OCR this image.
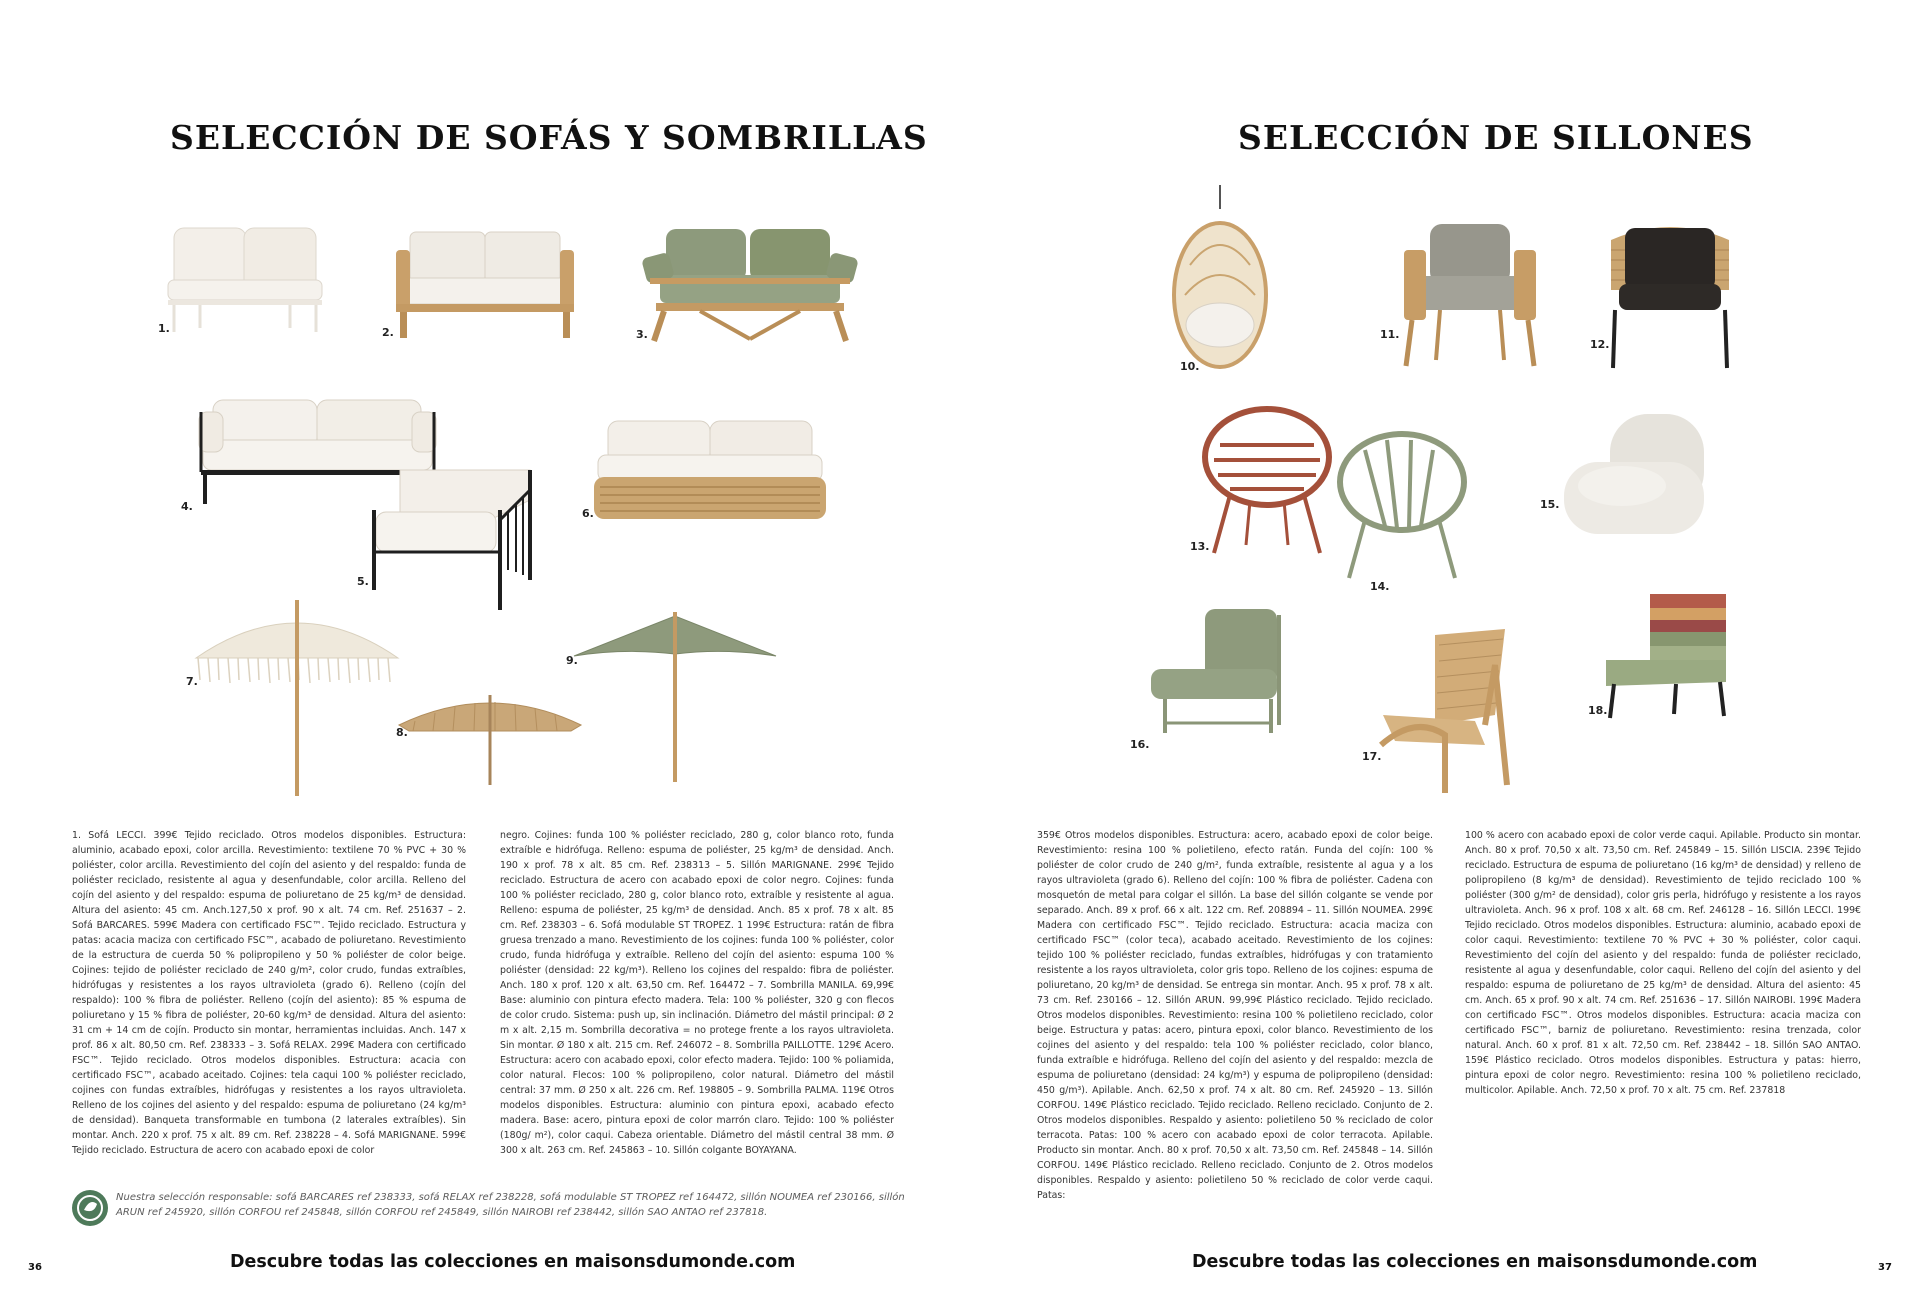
SELECCIÓN DE SOFÁS Y SOMBRILLAS
1.	2.	3.
4.
5.
6.
7.
8.
9.
1. Sofá LECCI. 399€ Tejido reciclado. Otros modelos disponibles. Estructura: aluminio, acabado epoxi, color arcilla. Revestimiento: textilene 70 % PVC + 30 % poliéster, color arcilla. Revestimiento del cojín del asiento y del respaldo: funda de poliéster reciclado, resistente al agua y desenfundable, color arcilla. Relleno del cojín del asiento y del respaldo: espuma de poliuretano de 25 kg/m³ de densidad. Altura del asiento: 45 cm. Anch.127,50 x prof. 90 x alt. 74 cm. Ref. 251637 – 2. Sofá BARCARES. 599€ Madera con certificado FSC™. Tejido reciclado. Estructura y patas: acacia maciza con certificado FSC™, acabado de poliuretano. Revestimiento de la estructura de cuerda 50 % polipropileno y 50 % poliéster de color beige. Cojines: tejido de poliéster reciclado de 240 g/m², color crudo, fundas extraíbles, hidrófugas y resistentes a los rayos ultravioleta (grado 6). Relleno (cojín del respaldo): 100 % fibra de poliéster. Relleno (cojín del asiento): 85 % espuma de poliuretano y 15 % fibra de poliéster, 20-60 kg/m³ de densidad. Altura del asiento: 31 cm + 14 cm de cojín. Producto sin montar, herramientas incluidas. Anch. 147 x prof. 86 x alt. 80,50 cm. Ref. 238333 – 3. Sofá RELAX. 299€ Madera con certificado FSC™. Tejido reciclado. Otros modelos disponibles. Estructura: acacia con certificado FSC™, acabado aceitado. Cojines: tela caqui 100 % poliéster reciclado, cojines con fundas extraíbles, hidrófugas y resistentes a los rayos ultravioleta. Relleno de los cojines del asiento y del respaldo: espuma de poliuretano (24 kg/m³ de densidad). Banqueta transformable en tumbona (2 laterales extraíbles). Sin montar. Anch. 220 x prof. 75 x alt. 89 cm. Ref. 238228 – 4. Sofá MARIGNANE. 599€ Tejido reciclado. Estructura de acero con acabado epoxi de color
negro. Cojines: funda 100 % poliéster reciclado, 280 g, color blanco roto, funda extraíble e hidrófuga. Relleno: espuma de poliéster, 25 kg/m³ de densidad. Anch. 190 x prof. 78 x alt. 85 cm. Ref. 238313 – 5. Sillón MARIGNANE. 299€ Tejido reciclado. Estructura de acero con acabado epoxi de color negro. Cojines: funda 100 % poliéster reciclado, 280 g, color blanco roto, extraíble y resistente al agua. Relleno: espuma de poliéster, 25 kg/m³ de densidad. Anch. 85 x prof. 78 x alt. 85 cm. Ref. 238303 – 6. Sofá modulable ST TROPEZ. 1 199€ Estructura: ratán de fibra gruesa trenzado a mano. Revestimiento de los cojines: funda 100 % poliéster, color crudo, funda hidrófuga y extraíble. Relleno del cojín del asiento: espuma 100 % poliéster (densidad: 22 kg/m³). Relleno los cojines del respaldo: fibra de poliéster. Anch. 180 x prof. 120 x alt. 63,50 cm. Ref. 164472 – 7. Sombrilla MANILA. 69,99€ Base: aluminio con pintura efecto madera. Tela: 100 % poliéster, 320 g con flecos de color crudo. Sistema: push up, sin inclinación. Diámetro del mástil principal: Ø 2 m x alt. 2,15 m. Sombrilla decorativa = no protege frente a los rayos ultravioleta. Sin montar. Ø 180 x alt. 215 cm. Ref. 246072 – 8. Sombrilla PAILLOTTE. 129€ Acero. Estructura: acero con acabado epoxi, color efecto madera. Tejido: 100 % poliamida, color natural. Flecos: 100 % polipropileno, color natural. Diámetro del mástil central: 37 mm. Ø 250 x alt. 226 cm. Ref. 198805 – 9. Sombrilla PALMA. 119€ Otros modelos disponibles. Estructura: aluminio con pintura epoxi, acabado efecto madera. Base: acero, pintura epoxi de color marrón claro. Tejido: 100 % poliéster (180g/ m²), color caqui. Cabeza orientable. Diámetro del mástil central 38 mm. Ø 300 x alt. 263 cm. Ref. 245863 – 10. Sillón colgante BOYAYANA.
Nuestra selección responsable: sofá BARCARES ref 238333, sofá RELAX ref 238228, sofá modulable ST TROPEZ ref 164472, sillón NOUMEA ref 230166, sillón ARUN ref 245920, sillón CORFOU ref 245848, sillón CORFOU ref 245849, sillón NAIROBI ref 238442, sillón SAO ANTAO ref 237818.
Descubre todas las colecciones en maisonsdumonde.com
36
SELECCIÓN DE SILLONES
10.
11.
12.
13.
14.
15.
16.
17.
18.
359€ Otros modelos disponibles. Estructura: acero, acabado epoxi de color beige. Revestimiento: resina 100 % polietileno, efecto ratán. Funda del cojín: 100 % poliéster de color crudo de 240 g/m², funda extraíble, resistente al agua y a los rayos ultravioleta (grado 6). Relleno del cojín: 100 % fibra de poliéster. Cadena con mosquetón de metal para colgar el sillón. La base del sillón colgante se vende por separado. Anch. 89 x prof. 66 x alt. 122 cm. Ref. 208894 – 11. Sillón NOUMEA. 299€ Madera con certificado FSC™. Tejido reciclado. Estructura: acacia maciza con certificado FSC™ (color teca), acabado aceitado. Revestimiento de los cojines: tejido 100 % poliéster reciclado, fundas extraíbles, hidrófugas y con tratamiento resistente a los rayos ultravioleta, color gris topo. Relleno de los cojines: espuma de poliuretano, 20 kg/m³ de densidad. Se entrega sin montar. Anch. 95 x prof. 78 x alt. 73 cm. Ref. 230166 – 12. Sillón ARUN. 99,99€ Plástico reciclado. Tejido reciclado. Otros modelos disponibles. Revestimiento: resina 100 % polietileno reciclado, color beige. Estructura y patas: acero, pintura epoxi, color blanco. Revestimiento de los cojines del asiento y del respaldo: tela 100 % poliéster reciclado, color blanco, funda extraíble e hidrófuga. Relleno del cojín del asiento y del respaldo: mezcla de espuma de poliuretano (densidad: 24 kg/m³) y espuma de polipropileno (densidad: 450 g/m³). Apilable. Anch. 62,50 x prof. 74 x alt. 80 cm. Ref. 245920 – 13. Sillón CORFOU. 149€ Plástico reciclado. Tejido reciclado. Relleno reciclado. Conjunto de 2. Otros modelos disponibles. Respaldo y asiento: polietileno 50 % reciclado de color terracota. Patas: 100 % acero con acabado epoxi de color terracota. Apilable. Producto sin montar. Anch. 80 x prof. 70,50 x alt. 73,50 cm. Ref. 245848 – 14. Sillón CORFOU. 149€ Plástico reciclado. Relleno reciclado. Conjunto de 2. Otros modelos disponibles. Respaldo y asiento: polietileno 50 % reciclado de color verde caqui. Patas:
100 % acero con acabado epoxi de color verde caqui. Apilable. Producto sin montar. Anch. 80 x prof. 70,50 x alt. 73,50 cm. Ref. 245849 – 15. Sillón LISCIA. 239€ Tejido reciclado. Estructura de espuma de poliuretano (16 kg/m³ de densidad) y relleno de polipropileno (8 kg/m³ de densidad). Revestimiento de tejido reciclado 100 % poliéster (300 g/m² de densidad), color gris perla, hidrófugo y resistente a los rayos ultravioleta. Anch. 96 x prof. 108 x alt. 68 cm. Ref. 246128 – 16. Sillón LECCI. 199€ Tejido reciclado. Otros modelos disponibles. Estructura: aluminio, acabado epoxi de color caqui. Revestimiento: textilene 70 % PVC + 30 % poliéster, color caqui. Revestimiento del cojín del asiento y del respaldo: funda de poliéster reciclado, resistente al agua y desenfundable, color caqui. Relleno del cojín del asiento y del respaldo: espuma de poliuretano de 25 kg/m³ de densidad. Altura del asiento: 45 cm. Anch. 65 x prof. 90 x alt. 74 cm. Ref. 251636 – 17. Sillón NAIROBI. 199€ Madera con certificado FSC™. Otros modelos disponibles. Estructura: acacia maciza con certificado FSC™, barniz de poliuretano. Revestimiento: resina trenzada, color natural. Anch. 60 x prof. 81 x alt. 72,50 cm. Ref. 238442 – 18. Sillón SAO ANTAO. 159€ Plástico reciclado. Otros modelos disponibles. Estructura y patas: hierro, pintura epoxi de color negro. Revestimiento: resina 100 % polietileno reciclado, multicolor. Apilable. Anch. 72,50 x prof. 70 x alt. 75 cm. Ref. 237818
Descubre todas las colecciones en maisonsdumonde.com	37
